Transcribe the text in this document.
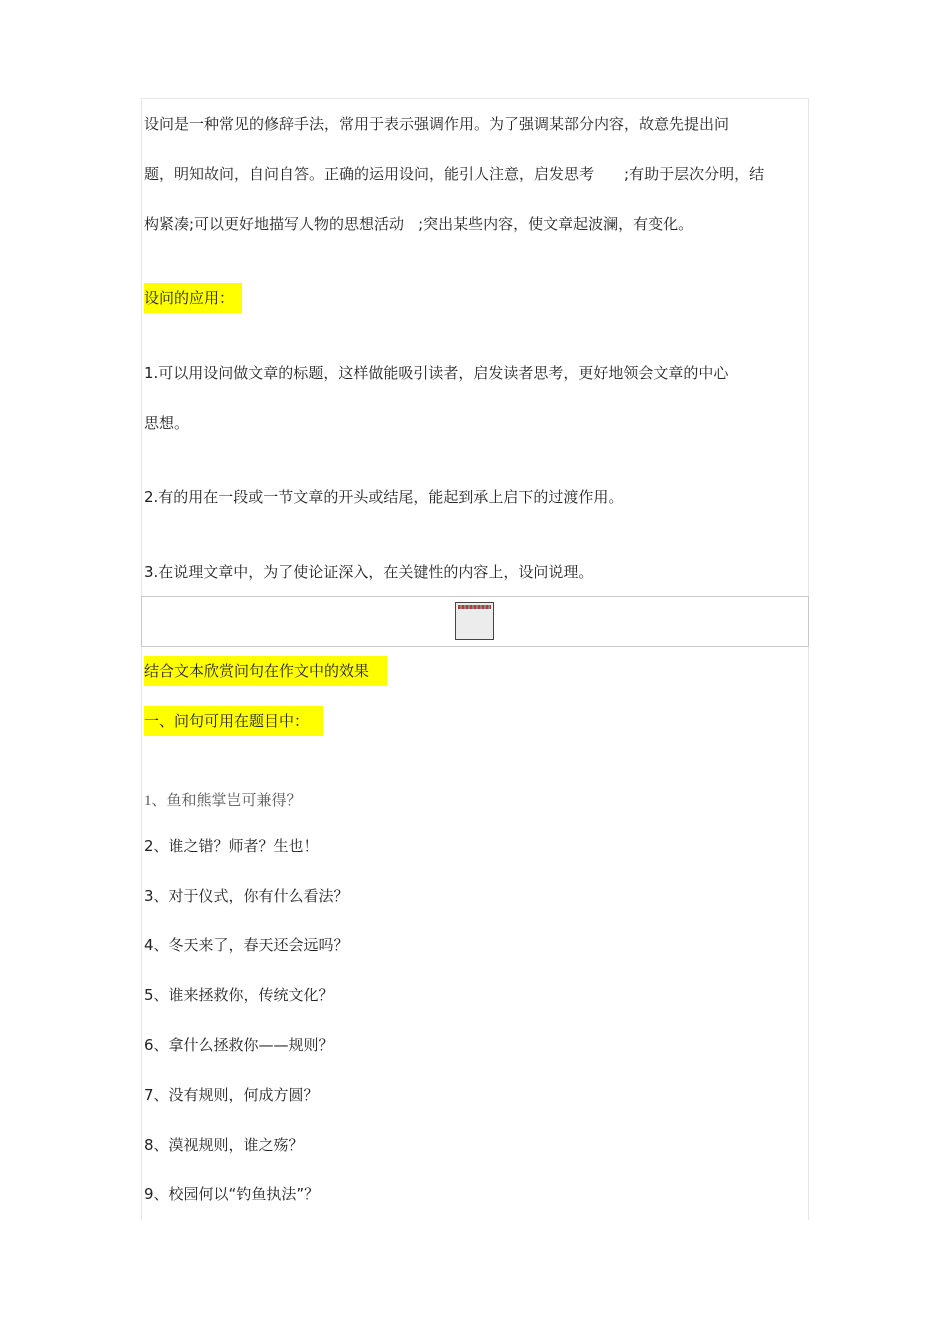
设问是一种常见的修辞手法，常用于表示强调作用。为了强调某部分内容，故意先提出问
题，明知故问，自问自答。正确的运用设问，能引人注意，启发思考 ;有助于层次分明，结
构紧凑;可以更好地描写人物的思想活动 ;突出某些内容，使文章起波澜，有变化。
设问的应用：
1.可以用设问做文章的标题，这样做能吸引读者，启发读者思考，更好地领会文章的中心
思想。
2.有的用在一段或一节文章的开头或结尾，能起到承上启下的过渡作用。
3.在说理文章中，为了使论证深入，在关键性的内容上，设问说理。
结合文本欣赏问句在作文中的效果
一、问句可用在题目中：
1、鱼和熊掌岂可兼得？
2、谁之错？师者？生也！
3、对于仪式，你有什么看法？
4、冬天来了，春天还会远吗？
5、谁来拯救你，传统文化？
6、拿什么拯救你——规则？
7、没有规则，何成方圆？
8、漠视规则，谁之殇？
9、校园何以“钓鱼执法”？
